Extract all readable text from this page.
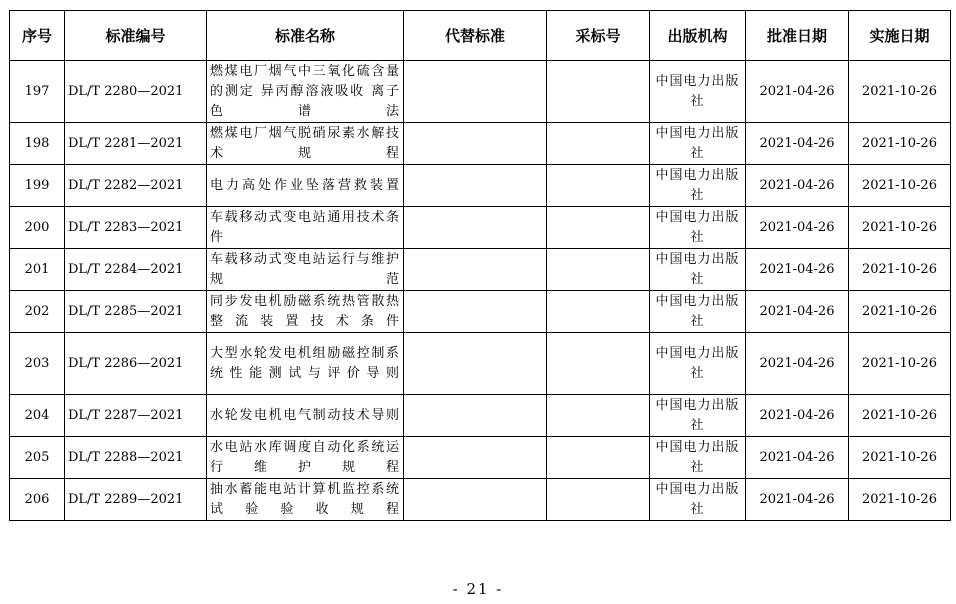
序号	标准编号	标准名称	代替标准	采标号	出版机构	批准日期	实施日期
197	DL/T 2280—2021	燃煤电厂烟气中三氧化硫含量的测定 异丙醇溶液吸收 离子色谱法			中国电力出版社	2021-04-26	2021-10-26
198	DL/T 2281—2021	燃煤电厂烟气脱硝尿素水解技术规程			中国电力出版社	2021-04-26	2021-10-26
199	DL/T 2282—2021	电力高处作业坠落营救装置			中国电力出版社	2021-04-26	2021-10-26
200	DL/T 2283—2021	车载移动式变电站通用技术条件			中国电力出版社	2021-04-26	2021-10-26
201	DL/T 2284—2021	车载移动式变电站运行与维护规范			中国电力出版社	2021-04-26	2021-10-26
202	DL/T 2285—2021	同步发电机励磁系统热管散热整流装置技术条件			中国电力出版社	2021-04-26	2021-10-26
203	DL/T 2286—2021	大型水轮发电机组励磁控制系统性能测试与评价导则			中国电力出版社	2021-04-26	2021-10-26
204	DL/T 2287—2021	水轮发电机电气制动技术导则			中国电力出版社	2021-04-26	2021-10-26
205	DL/T 2288—2021	水电站水库调度自动化系统运行维护规程			中国电力出版社	2021-04-26	2021-10-26
206	DL/T 2289—2021	抽水蓄能电站计算机监控系统试验验收规程			中国电力出版社	2021-04-26	2021-10-26
- 21 -
